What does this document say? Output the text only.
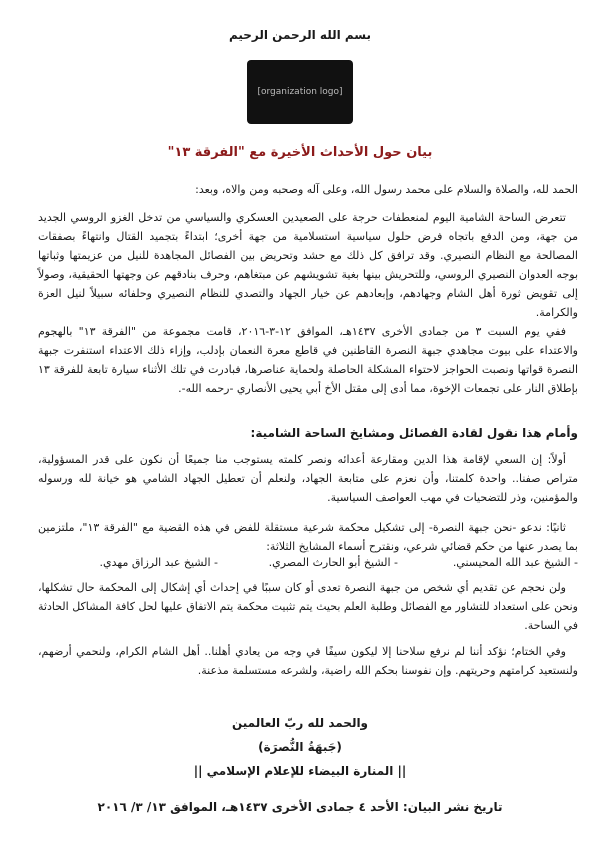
بسم الله الرحمن الرحيم
[organization logo]
بيان حول الأحداث الأخيرة مع "الفرقة ١٣"
الحمد لله، والصلاة والسلام على محمد رسول الله، وعلى آله وصحبه ومن والاه، وبعد:
تتعرض الساحة الشامية اليوم لمنعطفات حرجة على الصعيدين العسكري والسياسي من تدخل الغزو الروسي الجديد من جهة، ومن الدفع باتجاه فرض حلول سياسية استسلامية من جهة أخرى؛ ابتداءً بتجميد القتال وانتهاءً بصفقات المصالحة مع النظام النصيري. وقد ترافق كل ذلك مع حشد وتحريض بين الفصائل المجاهدة للنيل من عزيمتها وثباتها بوجه العدوان النصيري الروسي، وللتحريش بينها بغية تشويشهم عن مبتغاهم، وحرف بنادقهم عن وجهتها الحقيقية، وصولاً إلى تقويض ثورة أهل الشام وجهادهم، وإبعادهم عن خيار الجهاد والتصدي للنظام النصيري وحلفائه سبيلاً لنيل العزة والكرامة.
ففي يوم السبت ٣ من جمادى الأخرى ١٤٣٧هـ، الموافق ١٢-٣-٢٠١٦، قامت مجموعة من "الفرقة ١٣" بالهجوم والاعتداء على بيوت مجاهدي جبهة النصرة القاطنين في قاطع معرة النعمان بإدلب، وإزاء ذلك الاعتداء استنفرت جبهة النصرة قواتها ونصبت الحواجز لاحتواء المشكلة الحاصلة ولحماية عناصرها، فبادرت في تلك الأثناء سيارة تابعة للفرقة ١٣ بإطلاق النار على تجمعات الإخوة، مما أدى إلى مقتل الأخ أبي يحيى الأنصاري -رحمه الله-.
وأمام هذا نقول لقادة الفصائل ومشايخ الساحة الشامية:
أولاً: إن السعي لإقامة هذا الدين ومقارعة أعدائه ونصر كلمته يستوجب منا جميعًا أن نكون على قدر المسؤولية، متراص صفنا.. واحدة كلمتنا، وأن نعزم على متابعة الجهاد، ولنعلم أن تعطيل الجهاد الشامي هو خيانة لله ورسوله والمؤمنين، وذر للتضحيات في مهب العواصف السياسية.
ثانيًا: ندعو -نحن جبهة النصرة- إلى تشكيل محكمة شرعية مستقلة للفض في هذه القضية مع "الفرقة ١٣"، ملتزمين بما يصدر عنها من حكم قضائي شرعي، ونقترح أسماء المشايخ الثلاثة:
- الشيخ عبد الله المحيسني.
- الشيخ أبو الحارث المصري.
- الشيخ عبد الرزاق مهدي.
ولن نحجم عن تقديم أي شخص من جبهة النصرة تعدى أو كان سببًا في إحداث أي إشكال إلى المحكمة حال تشكلها، ونحن على استعداد للتشاور مع الفصائل وطلبة العلم بحيث يتم تثبيت محكمة يتم الاتفاق عليها لحل كافة المشاكل الحادثة في الساحة.
وفي الختام؛ نؤكد أننا لم نرفع سلاحنا إلا ليكون سيفًا في وجه من يعادي أهلنا.. أهل الشام الكرام، ولنحمي أرضهم، ولنستعيد كرامتهم وحريتهم. وإن نفوسنا بحكم الله راضية، ولشرعه مستسلمة مذعنة.
والحمد لله ربّ العالمين
(جَبهَةُ النُّصرَة)
|| المنارة البيضاء للإعلام الإسلامي ||
تاريخ نشر البيان: الأحد ٤ جمادى الأخرى ١٤٣٧هـ، الموافق ١٣/ ٣/ ٢٠١٦
